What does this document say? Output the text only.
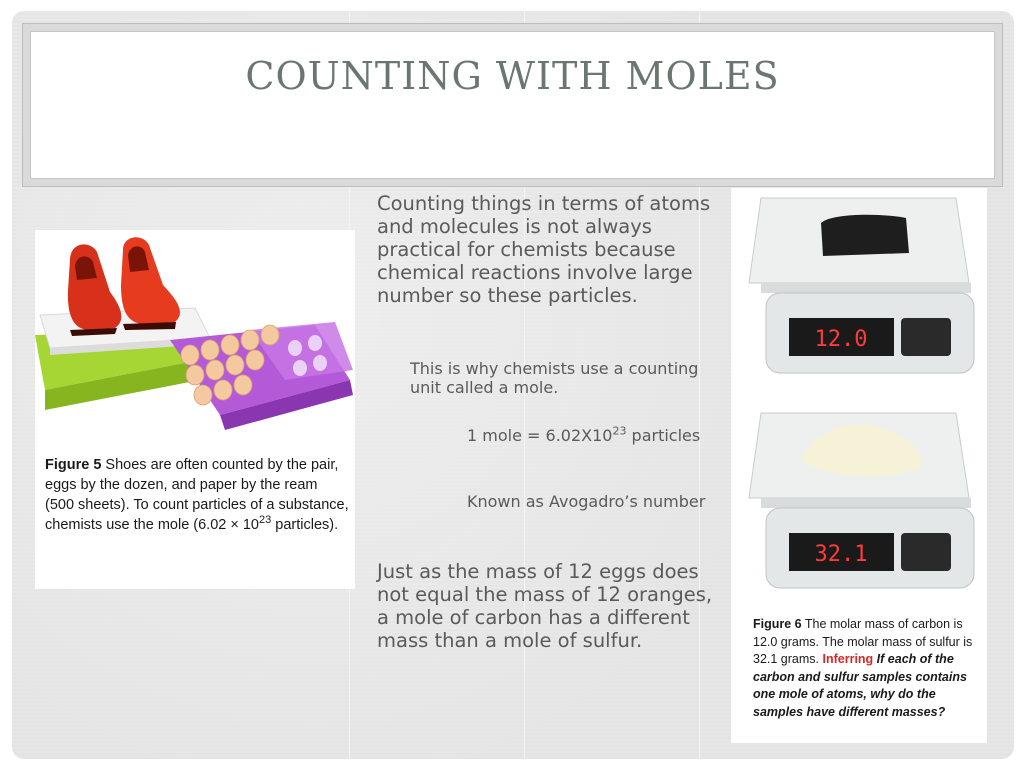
COUNTING WITH MOLES
Figure 5 Shoes are often counted by the pair, eggs by the dozen, and paper by the ream (500 sheets). To count particles of a substance, chemists use the mole ($6.02 \times 10^{23}$ particles).
Counting things in terms of atoms and molecules is not always practical for chemists because chemical reactions involve large number so these particles.
This is why chemists use a counting unit called a mole.
1 mole = $6.02X10^{23}$ particles
Known as Avogadro’s number
Just as the mass of 12 eggs does not equal the mass of 12 oranges, a mole of carbon has a different mass than a mole of sulfur.
12.0
32.1
Figure 6 The molar mass of carbon is 12.0 grams. The molar mass of sulfur is 32.1 grams. Inferring If each of the carbon and sulfur samples contains one mole of atoms, why do the samples have different masses?
